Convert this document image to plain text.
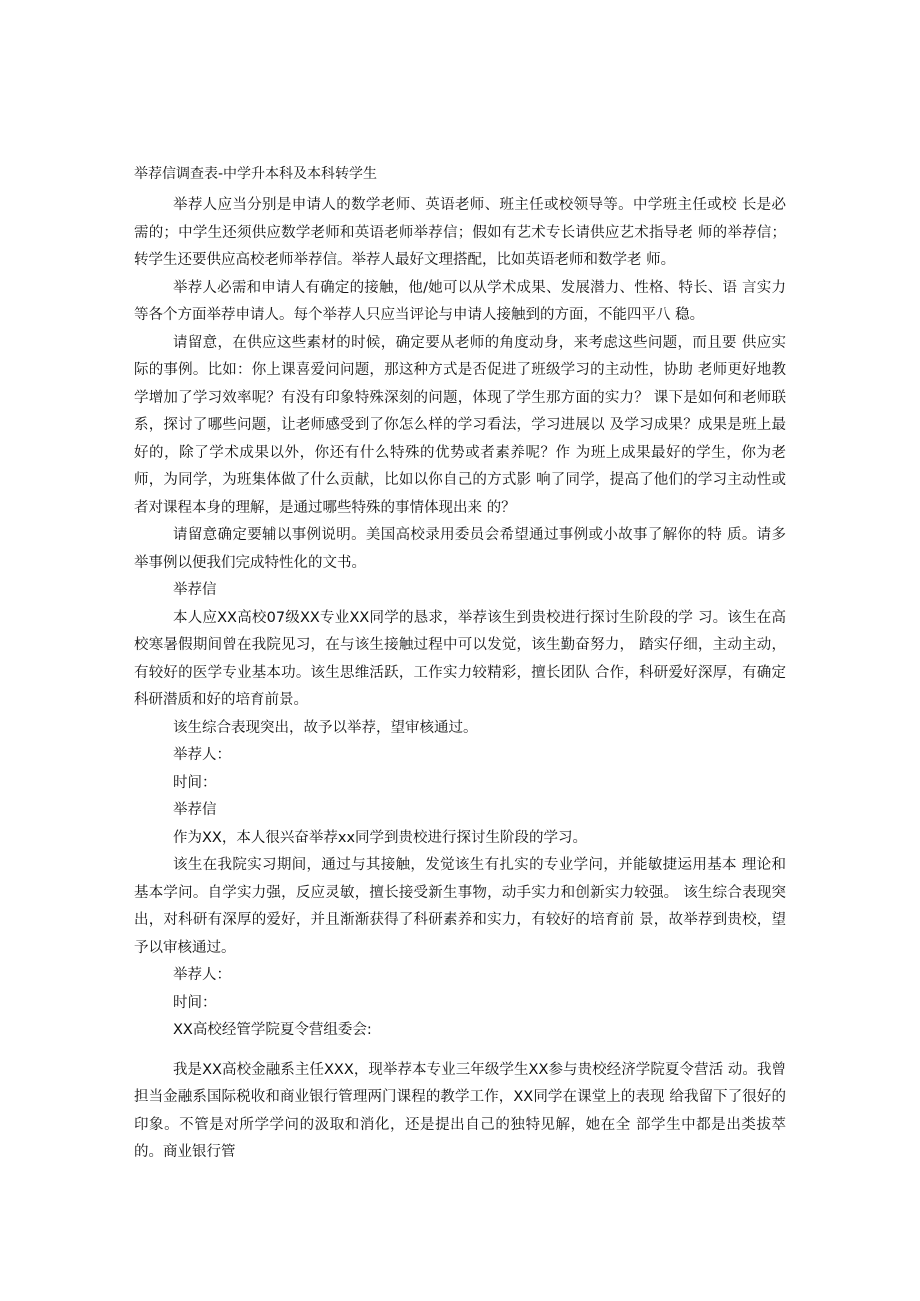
举荐信调查表-中学升本科及本科转学生

举荐人应当分别是申请人的数学老师、英语老师、班主任或校领导等。中学班主任或校 长是必需的；中学生还须供应数学老师和英语老师举荐信；假如有艺术专长请供应艺术指导老 师的举荐信；转学生还要供应高校老师举荐信。举荐人最好文理搭配，比如英语老师和数学老 师。

举荐人必需和申请人有确定的接触，他/她可以从学术成果、发展潜力、性格、特长、语 言实力等各个方面举荐申请人。每个举荐人只应当评论与申请人接触到的方面，不能四平八 稳。

请留意，在供应这些素材的时候，确定要从老师的角度动身，来考虑这些问题，而且要 供应实际的事例。比如：你上课喜爱问问题，那这种方式是否促进了班级学习的主动性，协助 老师更好地教学增加了学习效率呢？有没有印象特殊深刻的问题，体现了学生那方面的实力？ 课下是如何和老师联系，探讨了哪些问题，让老师感受到了你怎么样的学习看法，学习进展以 及学习成果？成果是班上最好的，除了学术成果以外，你还有什么特殊的优势或者素养呢？作 为班上成果最好的学生，你为老师，为同学，为班集体做了什么贡献，比如以你自己的方式影 响了同学，提高了他们的学习主动性或者对课程本身的理解，是通过哪些特殊的事情体现出来 的？

请留意确定要辅以事例说明。美国高校录用委员会希望通过事例或小故事了解你的特 质。请多举事例以便我们完成特性化的文书。

举荐信

本人应XX高校07级XX专业XX同学的恳求，举荐该生到贵校进行探讨生阶段的学 习。该生在高校寒暑假期间曾在我院见习，在与该生接触过程中可以发觉，该生勤奋努力， 踏实仔细，主动主动，有较好的医学专业基本功。该生思维活跃，工作实力较精彩，擅长团队 合作，科研爱好深厚，有确定科研潜质和好的培育前景。

该生综合表现突出，故予以举荐，望审核通过。

举荐人：

时间：

举荐信

作为XX，本人很兴奋举荐xx同学到贵校进行探讨生阶段的学习。

该生在我院实习期间，通过与其接触，发觉该生有扎实的专业学问，并能敏捷运用基本 理论和基本学问。自学实力强，反应灵敏，擅长接受新生事物，动手实力和创新实力较强。 该生综合表现突出，对科研有深厚的爱好，并且渐渐获得了科研素养和实力，有较好的培育前 景，故举荐到贵校，望予以审核通过。

举荐人：

时间：

XX高校经管学院夏令营组委会:

我是XX高校金融系主任XXX，现举荐本专业三年级学生XX参与贵校经济学院夏令营活 动。我曾担当金融系国际税收和商业银行管理两门课程的教学工作，XX同学在课堂上的表现 给我留下了很好的印象。不管是对所学学问的汲取和消化，还是提出自己的独特见解，她在全 部学生中都是出类拔萃的。商业银行管
